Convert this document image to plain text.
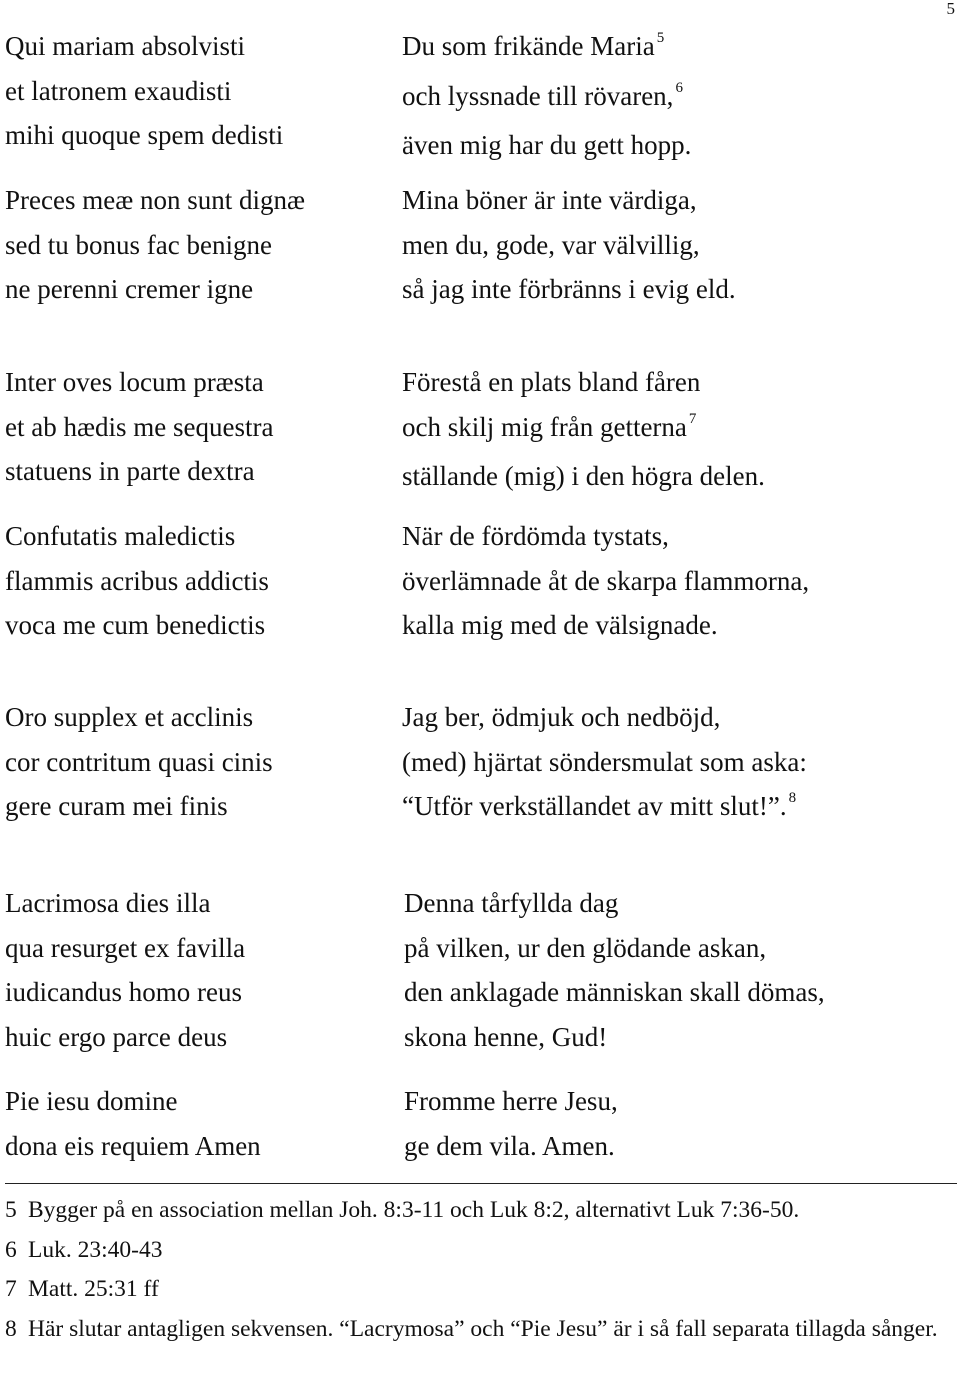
5
Qui mariam absolvisti
et latronem exaudisti
mihi quoque spem dedisti
Du som frikände Maria $^5$
och lyssnade till rövaren, $^6$
även mig har du gett hopp.
Preces meæ non sunt dignæ
sed tu bonus fac benigne
ne perenni cremer igne
Mina böner är inte värdiga,
men du, gode, var välvillig,
så jag inte förbränns i evig eld.
Inter oves locum præsta
et ab hædis me sequestra
statuens in parte dextra
Förestå en plats bland fåren
och skilj mig från getterna $^7$
ställande (mig) i den högra delen.
Confutatis maledictis
flammis acribus addictis
voca me cum benedictis
När de fördömda tystats,
överlämnade åt de skarpa flammorna,
kalla mig med de välsignade.
Oro supplex et acclinis
cor contritum quasi cinis
gere curam mei finis
Jag ber, ödmjuk och nedböjd,
(med) hjärtat söndersmulat som aska:
“Utför verkställandet av mitt slut!”. $^8$
Lacrimosa dies illa
qua resurget ex favilla
iudicandus homo reus
huic ergo parce deus
Denna tårfyllda dag
på vilken, ur den glödande askan,
den anklagade människan skall dömas,
skona henne, Gud!
Pie iesu domine
dona eis requiem Amen
Fromme herre Jesu,
ge dem vila. Amen.
5 Bygger på en association mellan Joh. 8:3-11 och Luk 8:2, alternativt Luk 7:36-50.
6 Luk. 23:40-43
7 Matt. 25:31 ff
8 Här slutar antagligen sekvensen. “Lacrymosa” och “Pie Jesu” är i så fall separata tillagda sånger.
